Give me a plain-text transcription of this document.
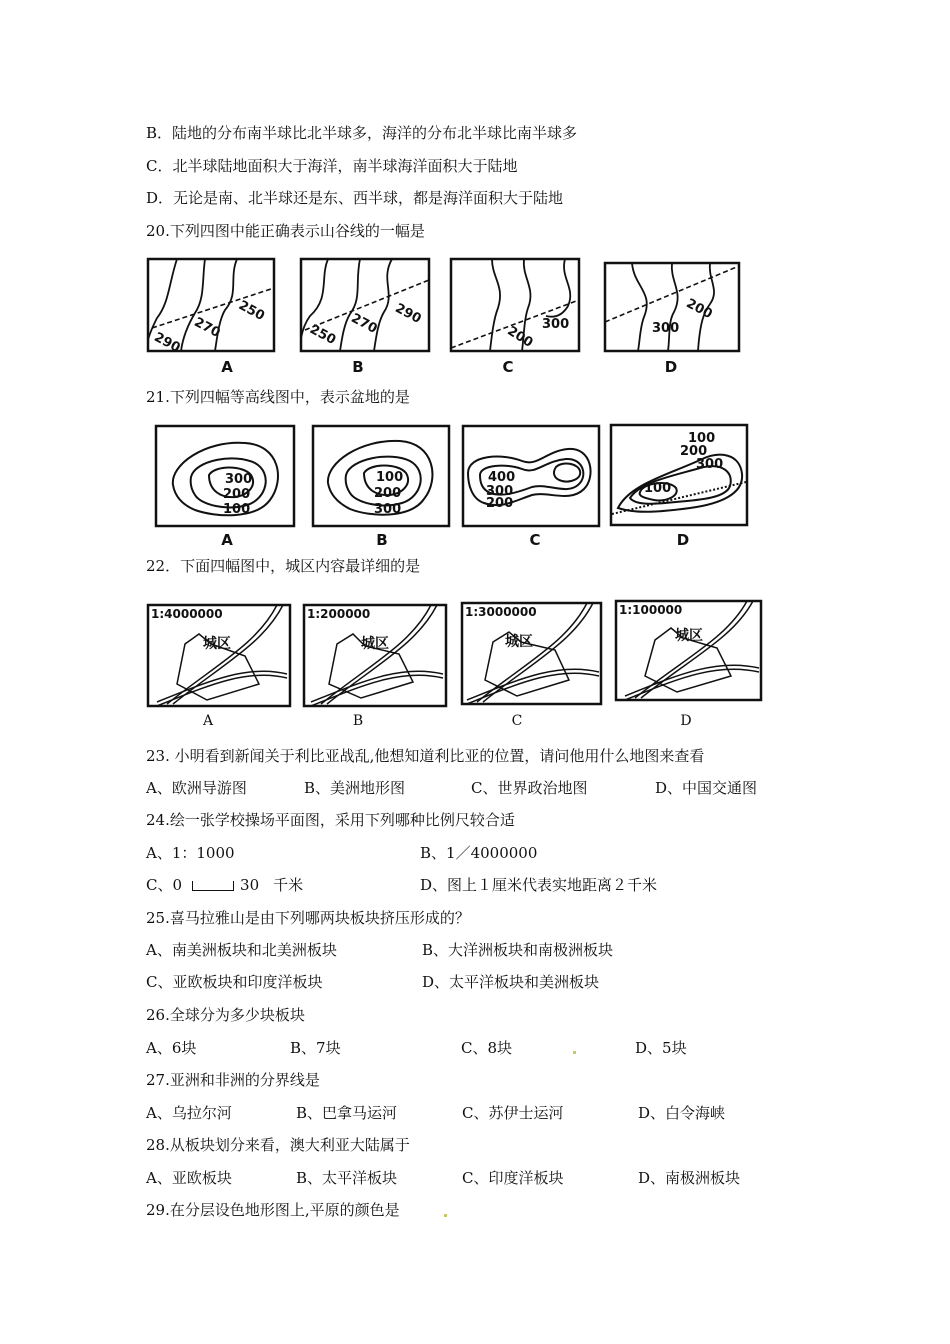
B．陆地的分布南半球比北半球多，海洋的分布北半球比南半球多
C．北半球陆地面积大于海洋，南半球海洋面积大于陆地
D．无论是南、北半球还是东、西半球，都是海洋面积大于陆地
20.下列四图中能正确表示山谷线的一幅是
290
270
250
A
250 270 290
B
200 300
C
300
200
D
21.下列四幅等高线图中，表示盆地的是
300
200
100
A
100
200
300
B
400
300
200
C
100
200
300
100
D
22．下面四幅图中，城区内容最详细的是
1:4000000
城区
A
1:200000
城区
B
1:3000000
城区
C
1:100000
城区
D
23. 小明看到新闻关于利比亚战乱,他想知道利比亚的位置，请问他用什么地图来查看
A、欧洲导游图	B、美洲地形图	C、世界政治地图	D、中国交通图
24.绘一张学校操场平面图，采用下列哪种比例尺较合适
A、1：1000	B、1／4000000
C、0	30 千米	D、图上１厘米代表实地距离２千米
25.喜马拉雅山是由下列哪两块板块挤压形成的？
A、南美洲板块和北美洲板块	B、大洋洲板块和南极洲板块
C、亚欧板块和印度洋板块	D、太平洋板块和美洲板块
26.全球分为多少块板块
A、6块	B、7块	C、8块	D、5块
27.亚洲和非洲的分界线是
A、乌拉尔河	B、巴拿马运河	C、苏伊士运河	D、白令海峡
28.从板块划分来看，澳大利亚大陆属于
A、亚欧板块	B、太平洋板块	C、印度洋板块	D、南极洲板块
29.在分层设色地形图上,平原的颜色是
